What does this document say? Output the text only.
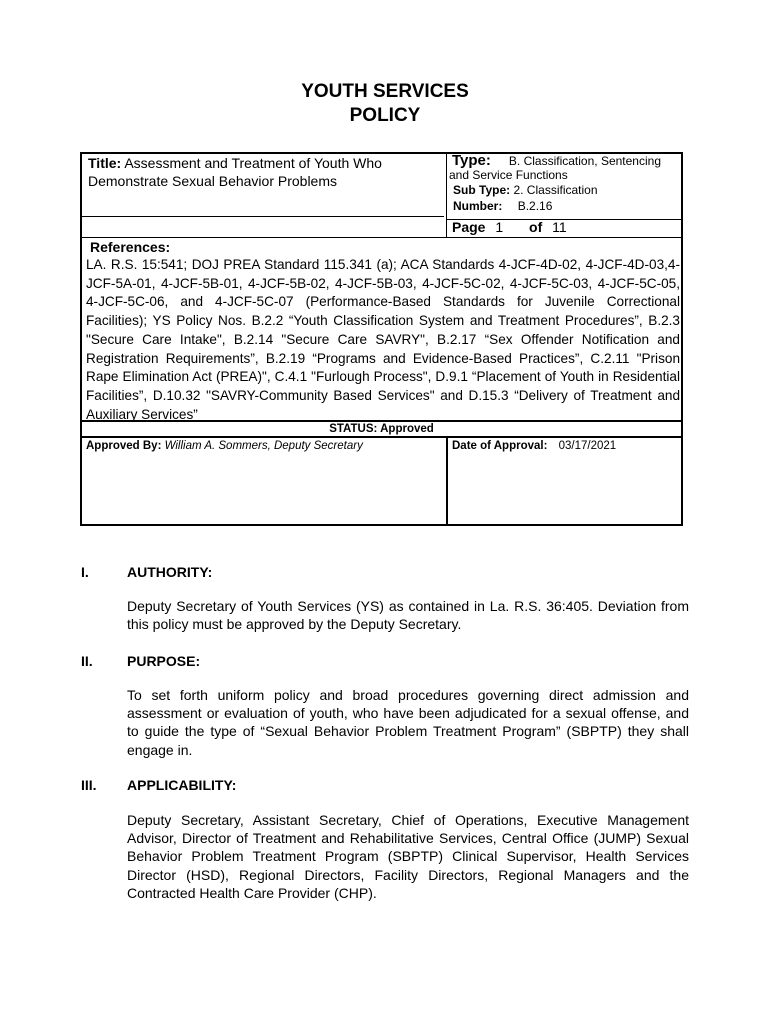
YOUTH SERVICES
POLICY
Title: Assessment and Treatment of Youth Who Demonstrate Sexual Behavior Problems
Type: B. Classification, Sentencing
and Service Functions
Sub Type: 2. Classification
Number: B.2.16
Page 1 of 11
References:
LA. R.S. 15:541; DOJ PREA Standard 115.341 (a); ACA Standards 4-JCF-4D-02, 4-JCF-4D-03,4-JCF-5A-01, 4-JCF-5B-01, 4-JCF-5B-02, 4-JCF-5B-03, 4-JCF-5C-02, 4-JCF-5C-03, 4-JCF-5C-05, 4-JCF-5C-06, and 4-JCF-5C-07 (Performance-Based Standards for Juvenile Correctional Facilities); YS Policy Nos. B.2.2 “Youth Classification System and Treatment Procedures”, B.2.3 "Secure Care Intake", B.2.14 "Secure Care SAVRY", B.2.17 “Sex Offender Notification and Registration Requirements”, B.2.19 “Programs and Evidence-Based Practices”, C.2.11 "Prison Rape Elimination Act (PREA)", C.4.1 "Furlough Process", D.9.1 “Placement of Youth in Residential Facilities”, D.10.32 "SAVRY-Community Based Services" and D.15.3 “Delivery of Treatment and Auxiliary Services”
STATUS: Approved
Approved By: William A. Sommers, Deputy Secretary	Date of Approval: 03/17/2021
I.	AUTHORITY:
Deputy Secretary of Youth Services (YS) as contained in La. R.S. 36:405. Deviation from this policy must be approved by the Deputy Secretary.
II.	PURPOSE:
To set forth uniform policy and broad procedures governing direct admission and assessment or evaluation of youth, who have been adjudicated for a sexual offense, and to guide the type of “Sexual Behavior Problem Treatment Program” (SBPTP) they shall engage in.
III.	APPLICABILITY:
Deputy Secretary, Assistant Secretary, Chief of Operations, Executive Management Advisor, Director of Treatment and Rehabilitative Services, Central Office (JUMP) Sexual Behavior Problem Treatment Program (SBPTP) Clinical Supervisor, Health Services Director (HSD), Regional Directors, Facility Directors, Regional Managers and the Contracted Health Care Provider (CHP).
